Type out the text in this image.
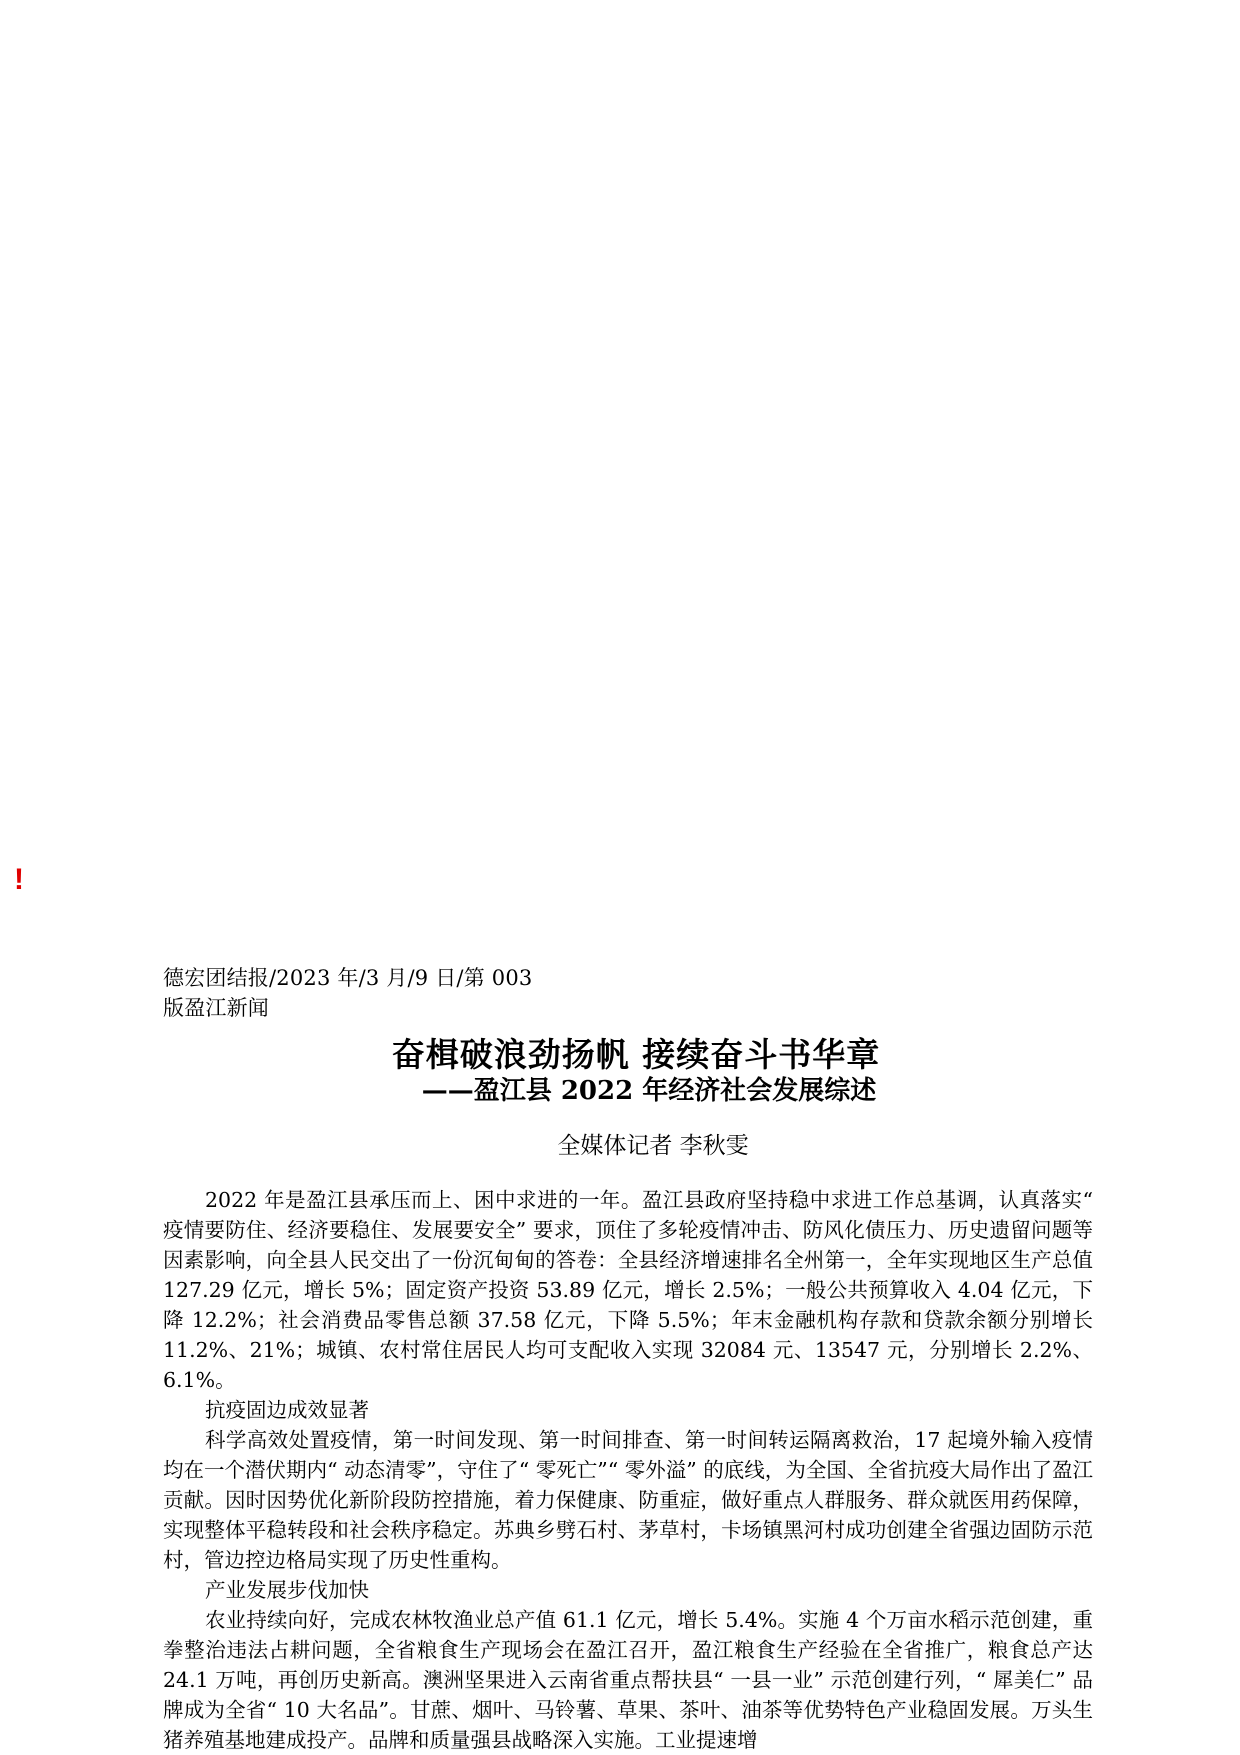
!
德宏团结报/2023 年/3 月/9 日/第 003
版盈江新闻
奋楫破浪劲扬帆 接续奋斗书华章
——盈江县 2022 年经济社会发展综述
全媒体记者 李秋雯

2022 年是盈江县承压而上、困中求进的一年。盈江县政府坚持稳中求进工作总基调，认真落实“ 疫情要防住、经济要稳住、发展要安全” 要求，顶住了多轮疫情冲击、防风化债压力、历史遗留问题等因素影响，向全县人民交出了一份沉甸甸的答卷：全县经济增速排名全州第一，全年实现地区生产总值 127.29 亿元，增长 5%；固定资产投资 53.89 亿元，增长 2.5%；一般公共预算收入 4.04 亿元，下降 12.2%；社会消费品零售总额 37.58 亿元，下降 5.5%；年末金融机构存款和贷款余额分别增长 11.2%、21%；城镇、农村常住居民人均可支配收入实现 32084 元、13547 元，分别增长 2.2%、6.1%。

抗疫固边成效显著

科学高效处置疫情，第一时间发现、第一时间排查、第一时间转运隔离救治，17 起境外输入疫情均在一个潜伏期内“ 动态清零”，守住了“ 零死亡”“ 零外溢” 的底线，为全国、全省抗疫大局作出了盈江贡献。因时因势优化新阶段防控措施，着力保健康、防重症，做好重点人群服务、群众就医用药保障，实现整体平稳转段和社会秩序稳定。苏典乡劈石村、茅草村，卡场镇黑河村成功创建全省强边固防示范村，管边控边格局实现了历史性重构。

产业发展步伐加快

农业持续向好，完成农林牧渔业总产值 61.1 亿元，增长 5.4%。实施 4 个万亩水稻示范创建，重拳整治违法占耕问题，全省粮食生产现场会在盈江召开，盈江粮食生产经验在全省推广，粮食总产达 24.1 万吨，再创历史新高。澳洲坚果进入云南省重点帮扶县“ 一县一业” 示范创建行列，“ 犀美仁” 品牌成为全省“ 10 大名品”。甘蔗、烟叶、马铃薯、草果、茶叶、油茶等优势特色产业稳固发展。万头生猪养殖基地建成投产。品牌和质量强县战略深入实施。工业提速增
